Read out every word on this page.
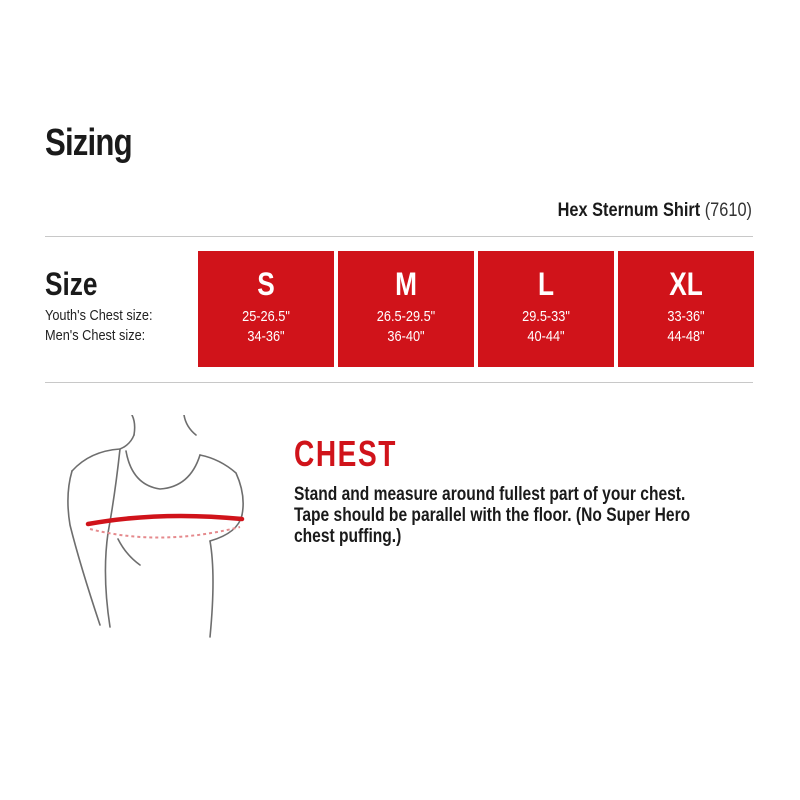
Sizing
Hex Sternum Shirt (7610)
Size
Youth's Chest size:
Men's Chest size:
S
25-26.5"
34-36"
M
26.5-29.5"
36-40"
L
29.5-33"
40-44"
XL
33-36"
44-48"
CHEST
Stand and measure around fullest part of your chest. Tape should be parallel with the floor. (No Super Hero chest puffing.)
